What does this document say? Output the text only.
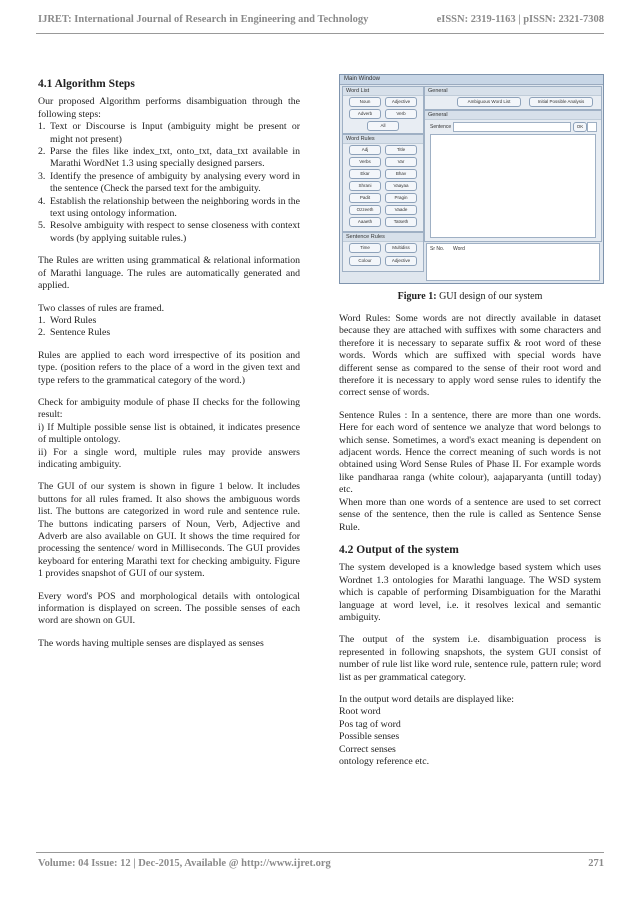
IJRET: International Journal of Research in Engineering and Technology	eISSN: 2319-1163 | pISSN: 2321-7308
4.1 Algorithm Steps
Our proposed Algorithm performs disambiguation through the following steps:
1. Text or Discourse is Input (ambiguity might be present or might not present)
2. Parse the files like index_txt, onto_txt, data_txt available in Marathi WordNet 1.3 using specially designed parsers.
3. Identify the presence of ambiguity by analysing every word in the sentence (Check the parsed text for the ambiguity.
4. Establish the relationship between the neighboring words in the text using ontology information.
5. Resolve ambiguity with respect to sense closeness with context words (by applying suitable rules.)
The Rules are written using grammatical & relational information of Marathi language. The rules are automatically generated and applied.
Two classes of rules are framed.
1. Word Rules
2. Sentence Rules
Rules are applied to each word irrespective of its position and type. (position refers to the place of a word in the given text and type refers to the grammatical category of the word.)
Check for ambiguity module of phase II checks for the following result:
i) If Multiple possible sense list is obtained, it indicates presence of multiple ontology.
ii) For a single word, multiple rules may provide answers indicating ambiguity.
The GUI of our system is shown in figure 1 below. It includes buttons for all rules framed. It also shows the ambiguous words list. The buttons are categorized in word rule and sentence rule. The buttons indicating parsers of Noun, Verb, Adjective and Adverb are also available on GUI. It shows the time required for processing the sentence/ word in Milliseconds. The GUI provides keyboard for entering Marathi text for checking ambiguity. Figure 1 provides snapshot of GUI of our system.
Every word's POS and morphological details with ontological information is displayed on screen. The possible senses of each word are shown on GUI.
The words having multiple senses are displayed as senses
Main Window
Word List
Noun	Adjective
Adverb	Verb
All
General
Ambiguous Word List	Initial Possible Analysis
General
Sentence	OK
Word Rules
Adj	Title
Verbs	Var
Ekar	Bhav
Shrani	Vaayaa
Padit	Pragin
Ozzeeth	Vaade
Aaaeth	Tatseth
Sentence Rules
Time	Multidiss
Colour	Adjective
Sr No. Word
Figure 1: GUI design of our system
Word Rules: Some words are not directly available in dataset because they are attached with suffixes with some characters and therefore it is necessary to separate suffix & root word of these words. Words which are suffixed with special words have different sense as compared to the sense of their root word and therefore it is necessary to apply word sense rules to identify the correct sense of words.
Sentence Rules : In a sentence, there are more than one words. Here for each word of sentence we analyze that word belongs to which sense. Sometimes, a word's exact meaning is dependent on adjacent words. Hence the correct meaning of such words is not obtained using Word Sense Rules of Phase II. For example words like pandharaa ranga (white colour), aajaparyanta (untill today) etc.
When more than one words of a sentence are used to set correct sense of the sentence, then the rule is called as Sentence Sense Rule.
4.2 Output of the system
The system developed is a knowledge based system which uses Wordnet 1.3 ontologies for Marathi language. The WSD system which is capable of performing Disambiguation for the Marathi language at word level, i.e. it resolves lexical and semantic ambiguity.
The output of the system i.e. disambiguation process is represented in following snapshots, the system GUI consist of number of rule list like word rule, sentence rule, pattern rule; word list as per grammatical category.
In the output word details are displayed like:
Root word
Pos tag of word
Possible senses
Correct senses
ontology reference etc.
Volume: 04 Issue: 12 | Dec-2015, Available @ http://www.ijret.org	271
